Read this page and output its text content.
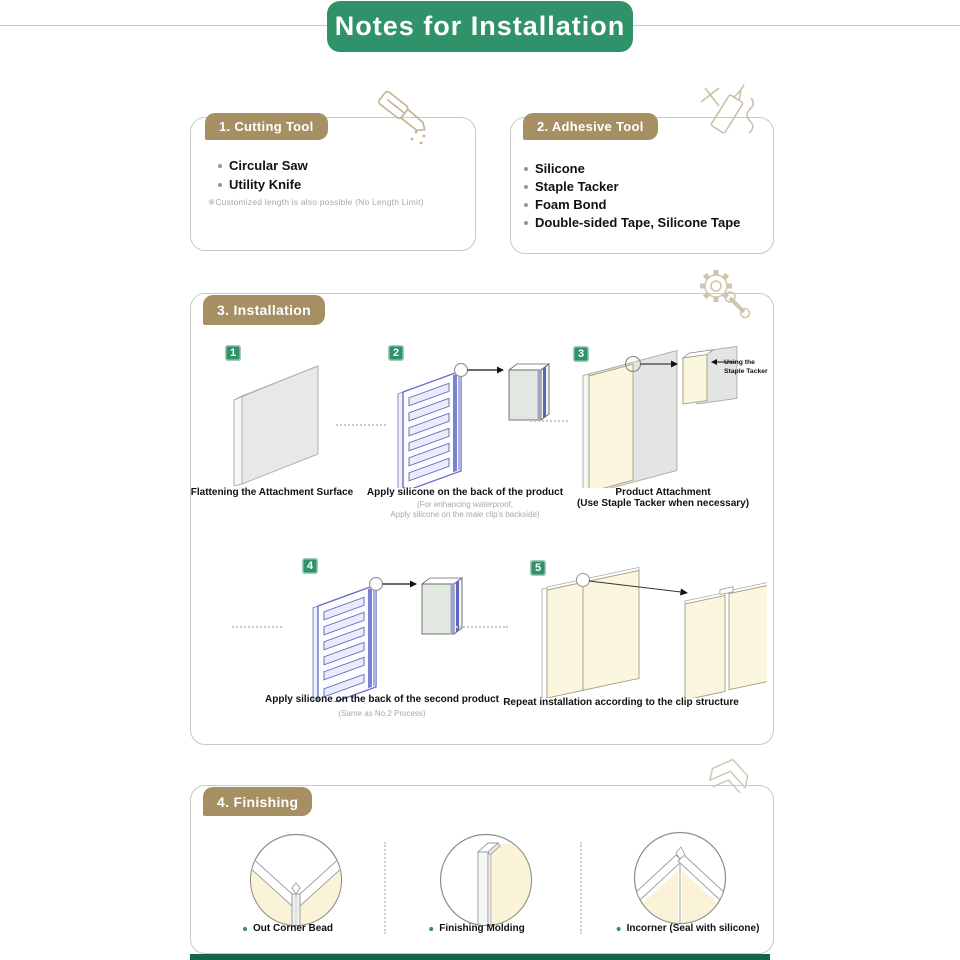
Notes for Installation
1. Cutting Tool
Circular Saw
Utility Knife
※Customized length is also possible (No Length Limit)
2. Adhesive Tool
Silicone
Staple Tacker
Foam Bond
Double-sided Tape, Silicone Tape
3. Installation
1
Flattening the Attachment Surface
2
Apply silicone on the back of the product
(For enhancing waterproof,
Apply silicone on the male clip's backside)
3
Using the
Staple Tacker
Product Attachment
(Use Staple Tacker when necessary)
4
Apply silicone on the back of the second product
(Same as No.2 Process)
5
Repeat installation according to the clip structure
4. Finishing
Out Corner Bead	Finishing Molding	Incorner (Seal with silicone)
